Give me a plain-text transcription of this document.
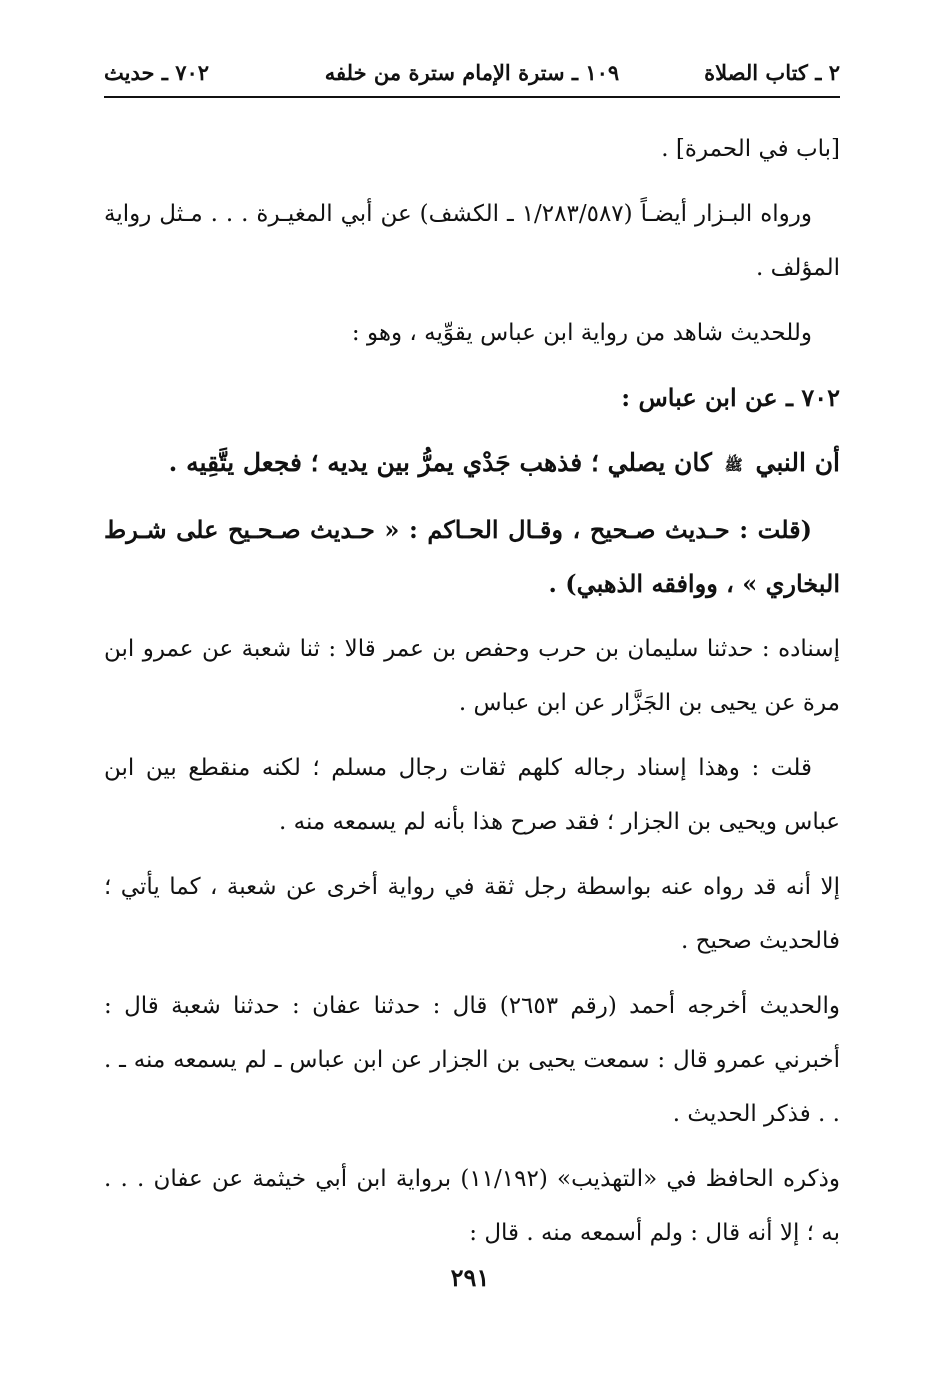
٢ ـ كتاب الصلاة
١٠٩ ـ سترة الإمام سترة من خلفه
٧٠٢ ـ حديث

[باب في الحمرة] .

ورواه البـزار أيضـاً (١/٢٨٣/٥٨٧ ـ الكشف) عن أبي المغيـرة . . . مـثل رواية المؤلف .

وللحديث شاهد من رواية ابن عباس يقوِّيه ، وهو :

٧٠٢ ـ عن ابن عباس :

أن النبي ﷺ كان يصلي ؛ فذهب جَدْي يمرُّ بين يديه ؛ فجعل يتَّقِيه .

(قلت : حـديث صـحيح ، وقـال الحـاكم : « حـديث صـحـيح على شـرط البخاري » ، ووافقه الذهبي) .

إسناده : حدثنا سليمان بن حرب وحفص بن عمر قالا : ثنا شعبة عن عمرو ابن مرة عن يحيى بن الجَزَّار عن ابن عباس .

قلت : وهذا إسناد رجاله كلهم ثقات رجال مسلم ؛ لكنه منقطع بين ابن عباس ويحيى بن الجزار ؛ فقد صرح هذا بأنه لم يسمعه منه .

إلا أنه قد رواه عنه بواسطة رجل ثقة في رواية أخرى عن شعبة ، كما يأتي ؛ فالحديث صحيح .

والحديث أخرجه أحمد (رقم ٢٦٥٣) قال : حدثنا عفان : حدثنا شعبة قال : أخبرني عمرو قال : سمعت يحيى بن الجزار عن ابن عباس ـ لم يسمعه منه ـ . . . فذكر الحديث .

وذكره الحافظ في «التهذيب» (١١/١٩٢) برواية ابن أبي خيثمة عن عفان . . . به ؛ إلا أنه قال : ولم أسمعه منه . قال :

٢٩١
